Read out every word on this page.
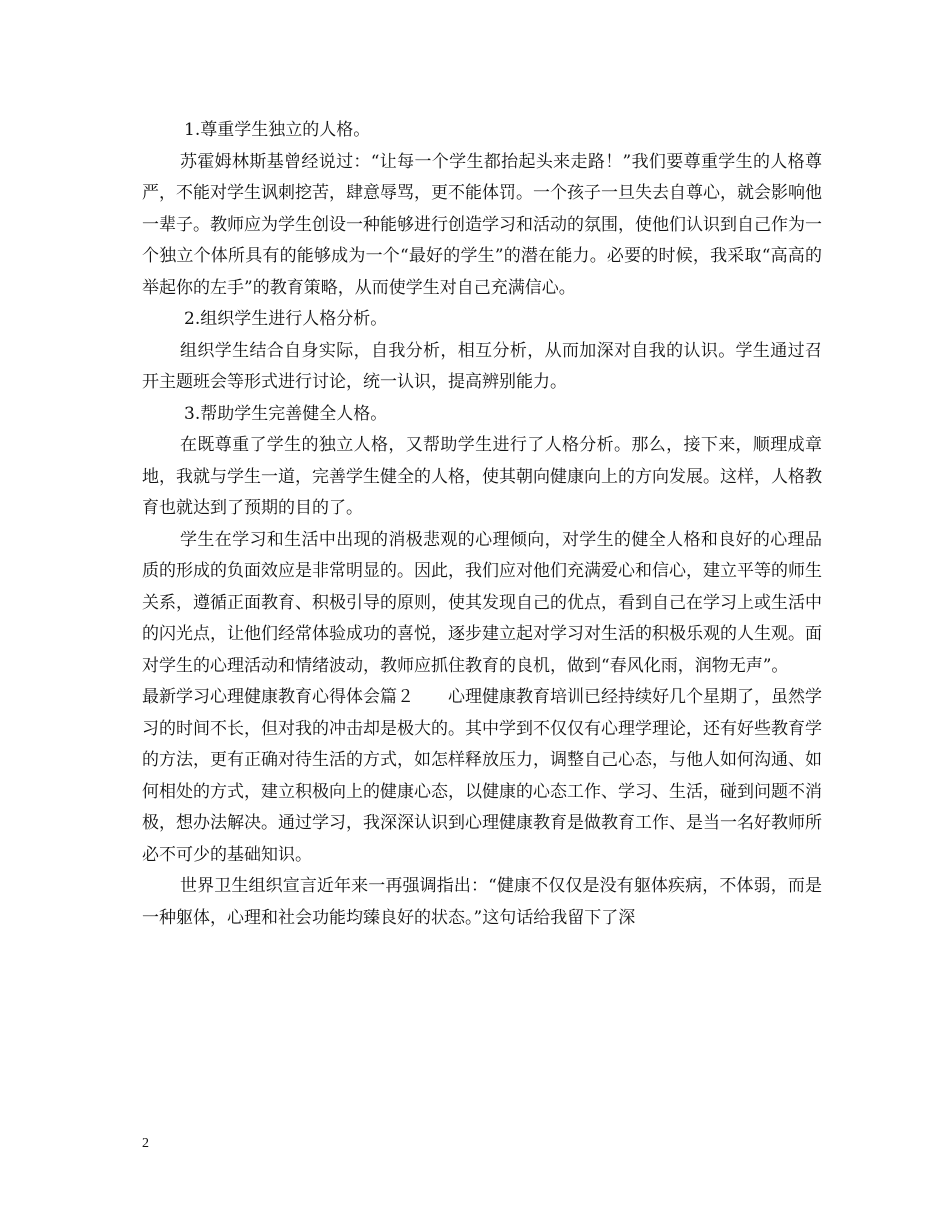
1.尊重学生独立的人格。

苏霍姆林斯基曾经说过：“让每一个学生都抬起头来走路！”我们要尊重学生的人格尊严，不能对学生讽刺挖苦，肆意辱骂，更不能体罚。一个孩子一旦失去自尊心，就会影响他一辈子。教师应为学生创设一种能够进行创造学习和活动的氛围，使他们认识到自己作为一个独立个体所具有的能够成为一个“最好的学生”的潜在能力。必要的时候，我采取“高高的举起你的左手”的教育策略，从而使学生对自己充满信心。

2.组织学生进行人格分析。

组织学生结合自身实际，自我分析，相互分析，从而加深对自我的认识。学生通过召开主题班会等形式进行讨论，统一认识，提高辨别能力。

3.帮助学生完善健全人格。

在既尊重了学生的独立人格，又帮助学生进行了人格分析。那么，接下来，顺理成章地，我就与学生一道，完善学生健全的人格，使其朝向健康向上的方向发展。这样，人格教育也就达到了预期的目的了。

学生在学习和生活中出现的消极悲观的心理倾向，对学生的健全人格和良好的心理品质的形成的负面效应是非常明显的。因此，我们应对他们充满爱心和信心，建立平等的师生关系，遵循正面教育、积极引导的原则，使其发现自己的优点，看到自己在学习上或生活中的闪光点，让他们经常体验成功的喜悦，逐步建立起对学习对生活的积极乐观的人生观。面对学生的心理活动和情绪波动，教师应抓住教育的良机，做到“春风化雨，润物无声”。

最新学习心理健康教育心得体会篇２　　心理健康教育培训已经持续好几个星期了，虽然学习的时间不长，但对我的冲击却是极大的。其中学到不仅仅有心理学理论，还有好些教育学的方法，更有正确对待生活的方式，如怎样释放压力，调整自己心态，与他人如何沟通、如何相处的方式，建立积极向上的健康心态，以健康的心态工作、学习、生活，碰到问题不消极，想办法解决。通过学习，我深深认识到心理健康教育是做教育工作、是当一名好教师所必不可少的基础知识。

世界卫生组织宣言近年来一再强调指出：“健康不仅仅是没有躯体疾病，不体弱，而是一种躯体，心理和社会功能均臻良好的状态。”这句话给我留下了深

2
